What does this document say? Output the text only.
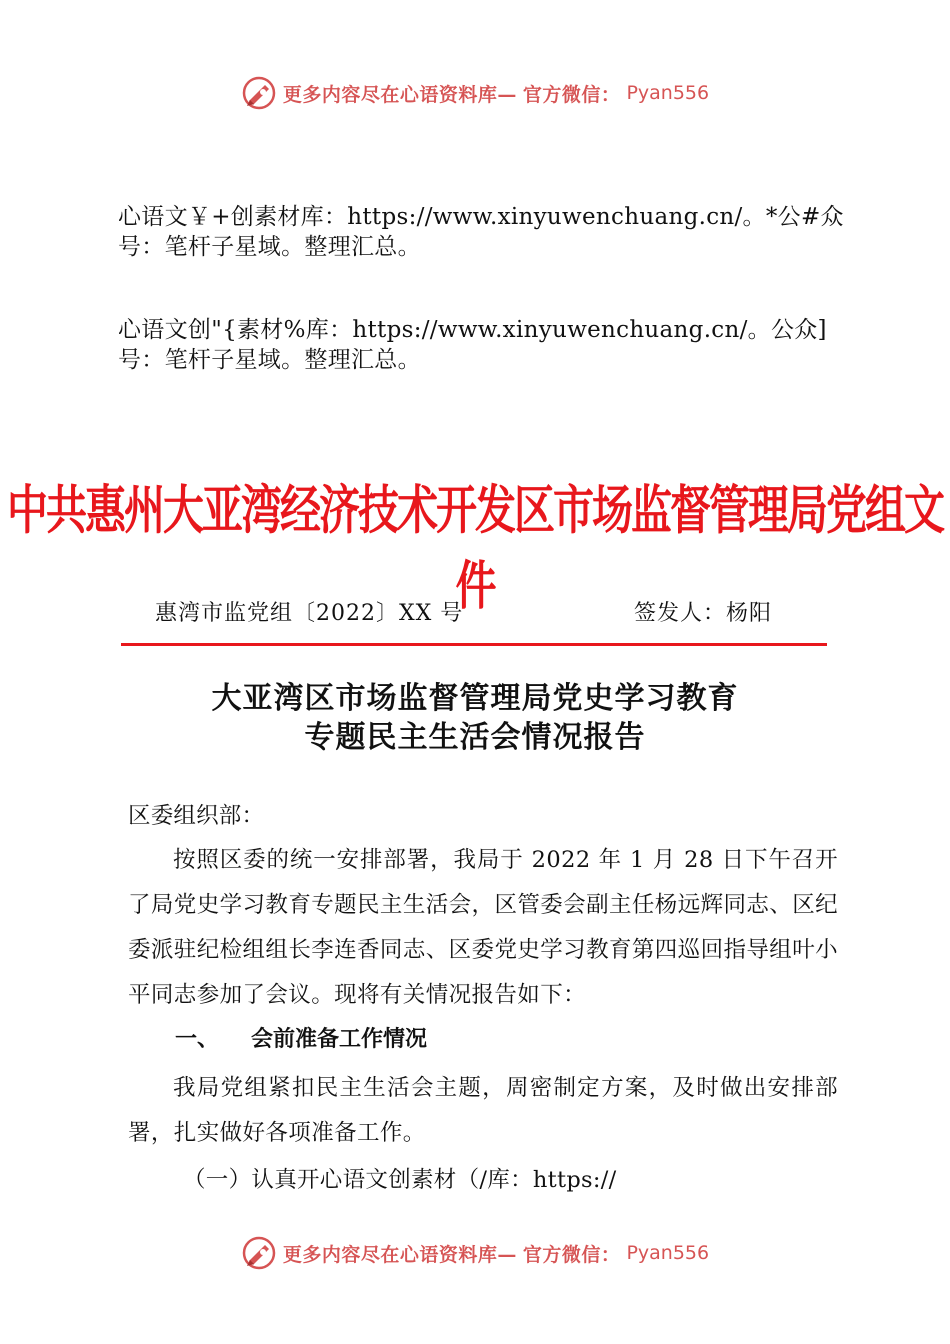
更多内容尽在心语资料库— 官方微信： Pyan556
心语文￥+创素材库：https://www.xinyuwenchuang.cn/。*公#众
号：笔杆子星域。整理汇总。
心语文创"{素材%库：https://www.xinyuwenchuang.cn/。公众]
号：笔杆子星域。整理汇总。
中共惠州大亚湾经济技术开发区市场监督管理局党组文件
惠湾市监党组〔2022〕XX 号	签发人：杨阳
大亚湾区市场监督管理局党史学习教育
专题民主生活会情况报告
区委组织部：

按照区委的统一安排部署，我局于 2022 年 1 月 28 日下午召开了局党史学习教育专题民主生活会，区管委会副主任杨远辉同志、区纪委派驻纪检组组长李连香同志、区委党史学习教育第四巡回指导组叶小平同志参加了会议。现将有关情况报告如下：

一、 会前准备工作情况

我局党组紧扣民主生活会主题，周密制定方案，及时做出安排部署，扎实做好各项准备工作。

（一）认真开心语文创素材（/库：https://
更多内容尽在心语资料库— 官方微信： Pyan556
